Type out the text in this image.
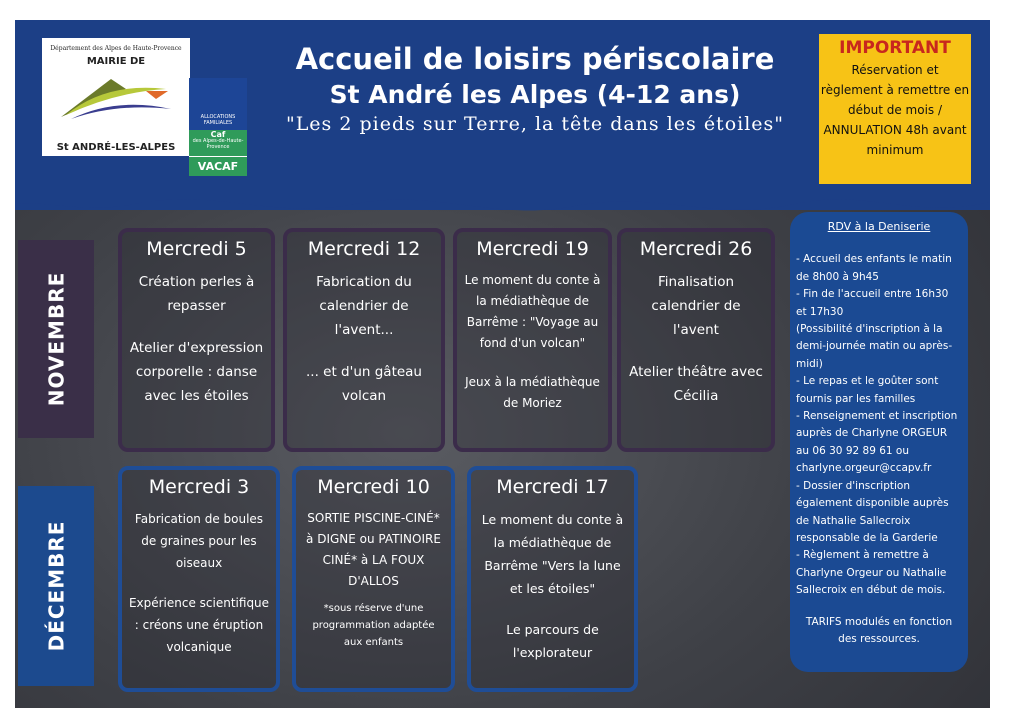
Département des Alpes de Haute-Provence
MAIRIE DE
St ANDRÉ-LES-ALPES
ALLOCATIONS FAMILIALES
Caf
des Alpes-de-Haute-Provence
VACAF
Accueil de loisirs périscolaire
St André les Alpes (4-12 ans)
"Les 2 pieds sur Terre, la tête dans les étoiles"
IMPORTANT
Réservation et règlement à remettre en début de mois / ANNULATION 48h avant minimum
NOVEMBRE
DÉCEMBRE
Mercredi 5

Création perles à repasser

Atelier d'expression corporelle : danse avec les étoiles

Mercredi 12

Fabrication du calendrier de l'avent...

... et d'un gâteau volcan

Mercredi 19

Le moment du conte à la médiathèque de Barrême : "Voyage au fond d'un volcan"

Jeux à la médiathèque de Moriez

Mercredi 26

Finalisation calendrier de l'avent

Atelier théâtre avec Cécilia

Mercredi 3

Fabrication de boules de graines pour les oiseaux

Expérience scientifique : créons une éruption volcanique

Mercredi 10

SORTIE PISCINE-CINÉ* à DIGNE ou PATINOIRE CINÉ* à LA FOUX D'ALLOS

*sous réserve d'une programmation adaptée aux enfants

Mercredi 17

Le moment du conte à la médiathèque de Barrême "Vers la lune et les étoiles"

Le parcours de l'explorateur

RDV à la Deniserie
- Accueil des enfants le matin de 8h00 à 9h45
- Fin de l'accueil entre 16h30 et 17h30
(Possibilité d'inscription à la demi-journée matin ou après-midi)
- Le repas et le goûter sont fournis par les familles
- Renseignement et inscription auprès de Charlyne ORGEUR au 06 30 92 89 61 ou charlyne.orgeur@ccapv.fr
- Dossier d'inscription également disponible auprès de Nathalie Sallecroix responsable de la Garderie
- Règlement à remettre à Charlyne Orgeur ou Nathalie Sallecroix en début de mois.
TARIFS modulés en fonction des ressources.
